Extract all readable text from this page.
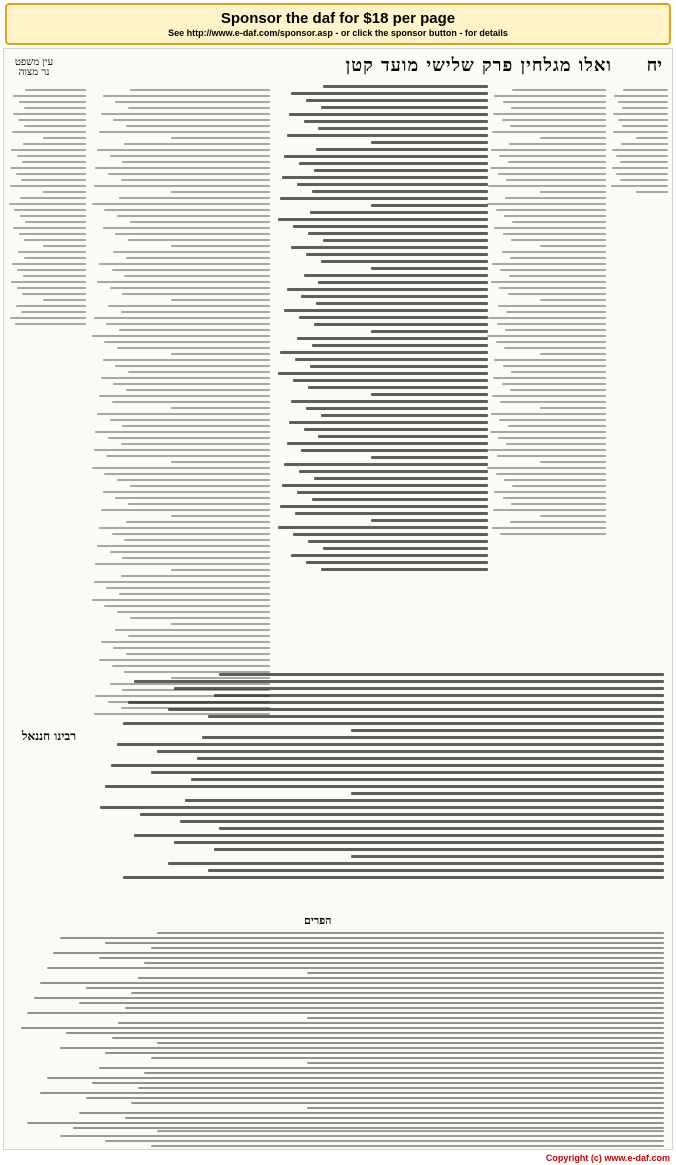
Sponsor the daf for $18 per page
See http://www.e-daf.com/sponsor.asp - or click the sponsor button - for details
יח
ואלו מגלחין פרק שלישי מועד קטן
עין משפט נר מצוה
רבינו חננאל
הפרים
Copyright (c) www.e-daf.com
